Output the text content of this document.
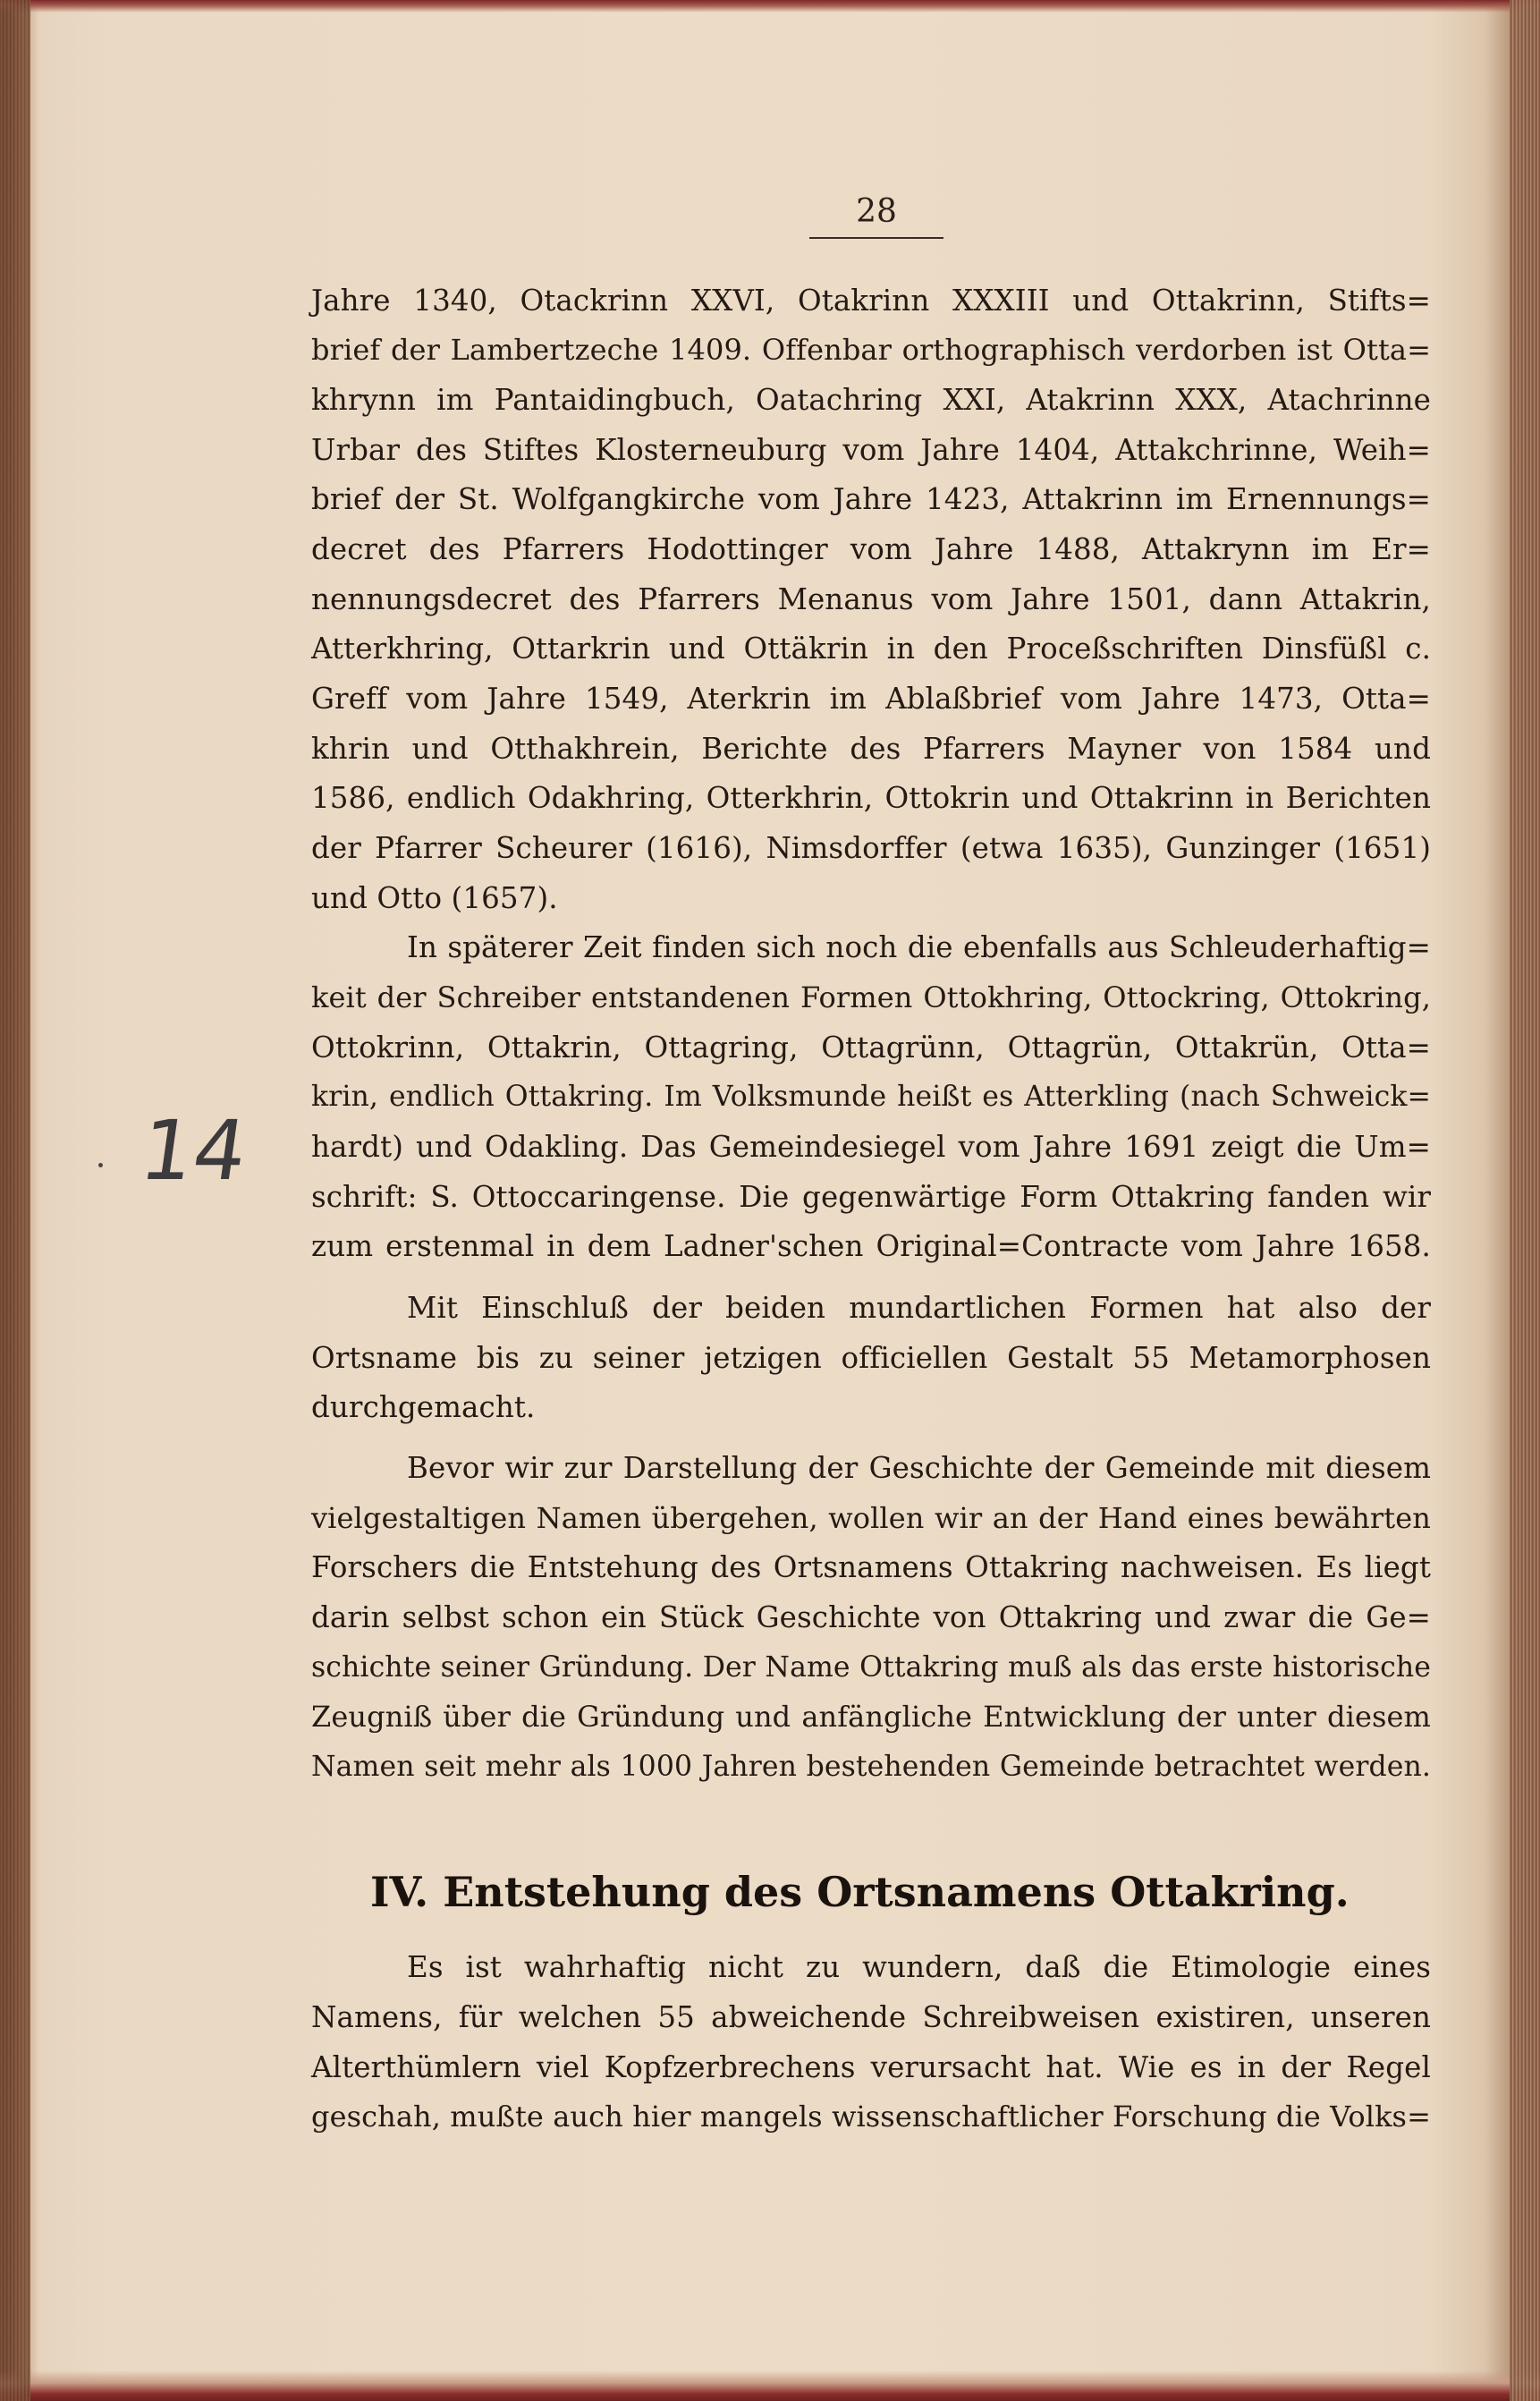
28
14
Jahre 1340, Otackrinn XXVI, Otakrinn XXXIII und Ottakrinn, Stifts=
brief der Lambertzeche 1409. Offenbar orthographisch verdorben ist Otta=
khrynn im Pantaidingbuch, Oatachring XXI, Atakrinn XXX, Atachrinne
Urbar des Stiftes Klosterneuburg vom Jahre 1404, Attakchrinne, Weih=
brief der St. Wolfgangkirche vom Jahre 1423, Attakrinn im Ernennungs=
decret des Pfarrers Hodottinger vom Jahre 1488, Attakrynn im Er=
nennungsdecret des Pfarrers Menanus vom Jahre 1501, dann Attakrin,
Atterkhring, Ottarkrin und Ottäkrin in den Proceßschriften Dinsfüßl c.
Greff vom Jahre 1549, Aterkrin im Ablaßbrief vom Jahre 1473, Otta=
khrin und Otthakhrein, Berichte des Pfarrers Mayner von 1584 und
1586, endlich Odakhring, Otterkhrin, Ottokrin und Ottakrinn in Berichten
der Pfarrer Scheurer (1616), Nimsdorffer (etwa 1635), Gunzinger (1651)
und Otto (1657).
In späterer Zeit finden sich noch die ebenfalls aus Schleuderhaftig=
keit der Schreiber entstandenen Formen Ottokhring, Ottockring, Ottokring,
Ottokrinn, Ottakrin, Ottagring, Ottagrünn, Ottagrün, Ottakrün, Otta=
krin, endlich Ottakring. Im Volksmunde heißt es Atterkling (nach Schweick=
hardt) und Odakling. Das Gemeindesiegel vom Jahre 1691 zeigt die Um=
schrift: S. Ottoccaringense. Die gegenwärtige Form Ottakring fanden wir
zum erstenmal in dem Ladner'schen Original=Contracte vom Jahre 1658.
Mit Einschluß der beiden mundartlichen Formen hat also der
Ortsname bis zu seiner jetzigen officiellen Gestalt 55 Metamorphosen
durchgemacht.
Bevor wir zur Darstellung der Geschichte der Gemeinde mit diesem
vielgestaltigen Namen übergehen, wollen wir an der Hand eines bewährten
Forschers die Entstehung des Ortsnamens Ottakring nachweisen. Es liegt
darin selbst schon ein Stück Geschichte von Ottakring und zwar die Ge=
schichte seiner Gründung. Der Name Ottakring muß als das erste historische
Zeugniß über die Gründung und anfängliche Entwicklung der unter diesem
Namen seit mehr als 1000 Jahren bestehenden Gemeinde betrachtet werden.
IV. Entstehung des Ortsnamens Ottakring.
Es ist wahrhaftig nicht zu wundern, daß die Etimologie eines
Namens, für welchen 55 abweichende Schreibweisen existiren, unseren
Alterthümlern viel Kopfzerbrechens verursacht hat. Wie es in der Regel
geschah, mußte auch hier mangels wissenschaftlicher Forschung die Volks=
